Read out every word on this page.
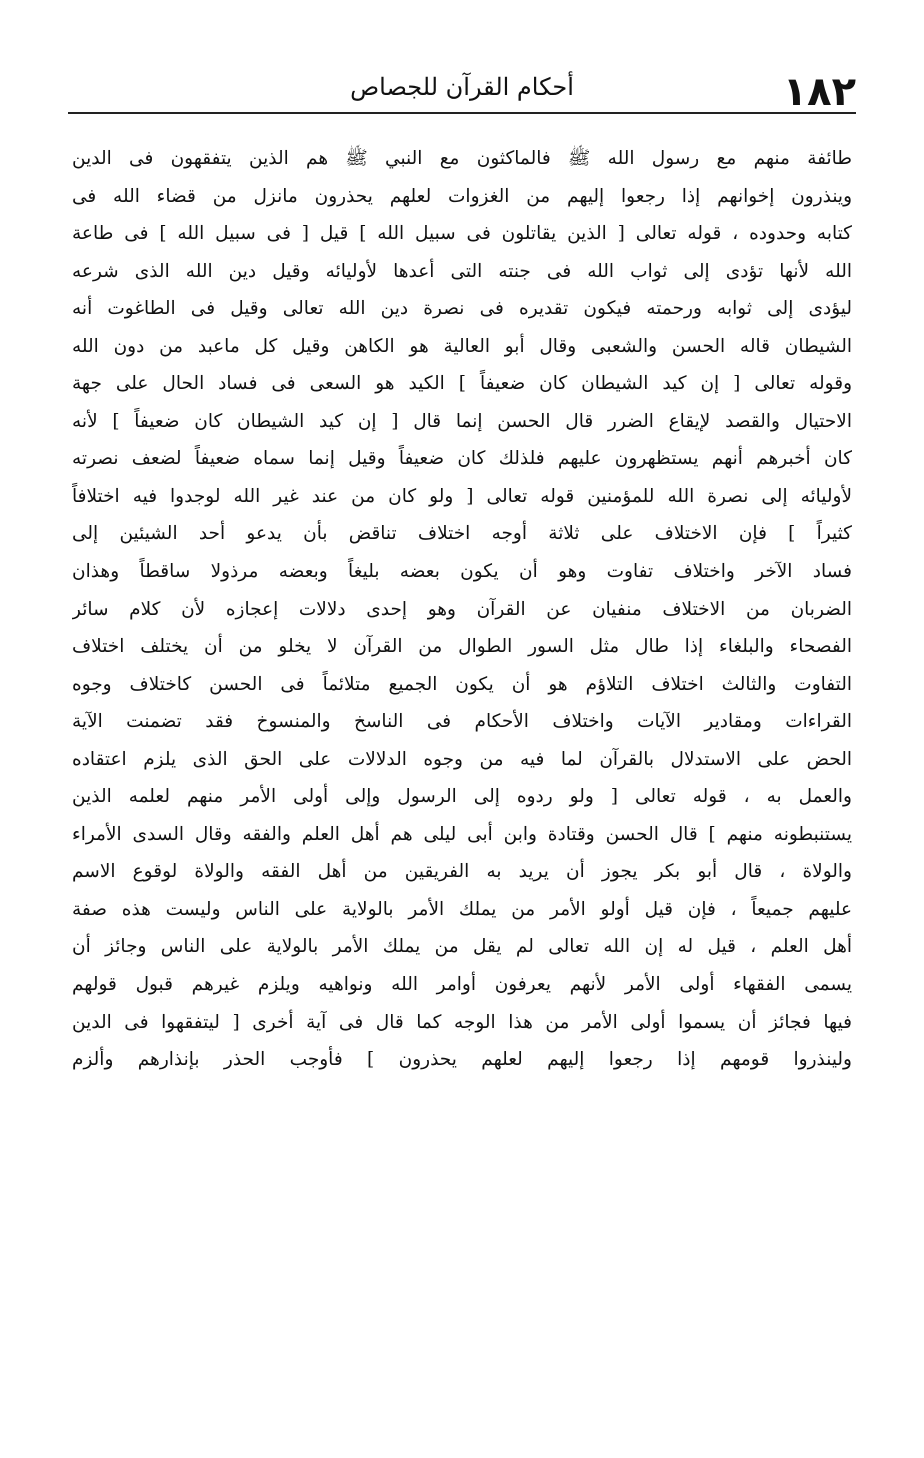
١٨٢
أحكام القرآن للجصاص
طائفة منهم مع رسول الله ﷺ فالماكثون مع النبي ﷺ هم الذين يتفقهون فى الدين
وينذرون إخوانهم إذا رجعوا إليهم من الغزوات لعلهم يحذرون مانزل من قضاء الله فى
كتابه وحدوده ، قوله تعالى [ الذين يقاتلون فى سبيل الله ] قيل [ فى سبيل الله ] فى طاعة
الله لأنها تؤدى إلى ثواب الله فى جنته التى أعدها لأوليائه وقيل دين الله الذى شرعه
ليؤدى إلى ثوابه ورحمته فيكون تقديره فى نصرة دين الله تعالى وقيل فى الطاغوت أنه
الشيطان قاله الحسن والشعبى وقال أبو العالية هو الكاهن وقيل كل ماعبد من دون الله
وقوله تعالى [ إن كيد الشيطان كان ضعيفاً ] الكيد هو السعى فى فساد الحال على جهة
الاحتيال والقصد لإيقاع الضرر قال الحسن إنما قال [ إن كيد الشيطان كان ضعيفاً ] لأنه
كان أخبرهم أنهم يستظهرون عليهم فلذلك كان ضعيفاً وقيل إنما سماه ضعيفاً لضعف نصرته
لأوليائه إلى نصرة الله للمؤمنين قوله تعالى [ ولو كان من عند غير الله لوجدوا فيه اختلافاً
كثيراً ] فإن الاختلاف على ثلاثة أوجه اختلاف تناقض بأن يدعو أحد الشيئين إلى
فساد الآخر واختلاف تفاوت وهو أن يكون بعضه بليغاً وبعضه مرذولا ساقطاً وهذان
الضربان من الاختلاف منفيان عن القرآن وهو إحدى دلالات إعجازه لأن كلام سائر
الفصحاء والبلغاء إذا طال مثل السور الطوال من القرآن لا يخلو من أن يختلف اختلاف
التفاوت والثالث اختلاف التلاؤم هو أن يكون الجميع متلائماً فى الحسن كاختلاف وجوه
القراءات ومقادير الآيات واختلاف الأحكام فى الناسخ والمنسوخ فقد تضمنت الآية
الحض على الاستدلال بالقرآن لما فيه من وجوه الدلالات على الحق الذى يلزم اعتقاده
والعمل به ، قوله تعالى [ ولو ردوه إلى الرسول وإلى أولى الأمر منهم لعلمه الذين
يستنبطونه منهم ] قال الحسن وقتادة وابن أبى ليلى هم أهل العلم والفقه وقال السدى الأمراء
والولاة ، قال أبو بكر يجوز أن يريد به الفريقين من أهل الفقه والولاة لوقوع الاسم
عليهم جميعاً ، فإن قيل أولو الأمر من يملك الأمر بالولاية على الناس وليست هذه صفة
أهل العلم ، قيل له إن الله تعالى لم يقل من يملك الأمر بالولاية على الناس وجائز أن
يسمى الفقهاء أولى الأمر لأنهم يعرفون أوامر الله ونواهيه ويلزم غيرهم قبول قولهم
فيها فجائز أن يسموا أولى الأمر من هذا الوجه كما قال فى آية أخرى [ ليتفقهوا فى الدين
ولينذروا قومهم إذا رجعوا إليهم لعلهم يحذرون ] فأوجب الحذر بإنذارهم وألزم
